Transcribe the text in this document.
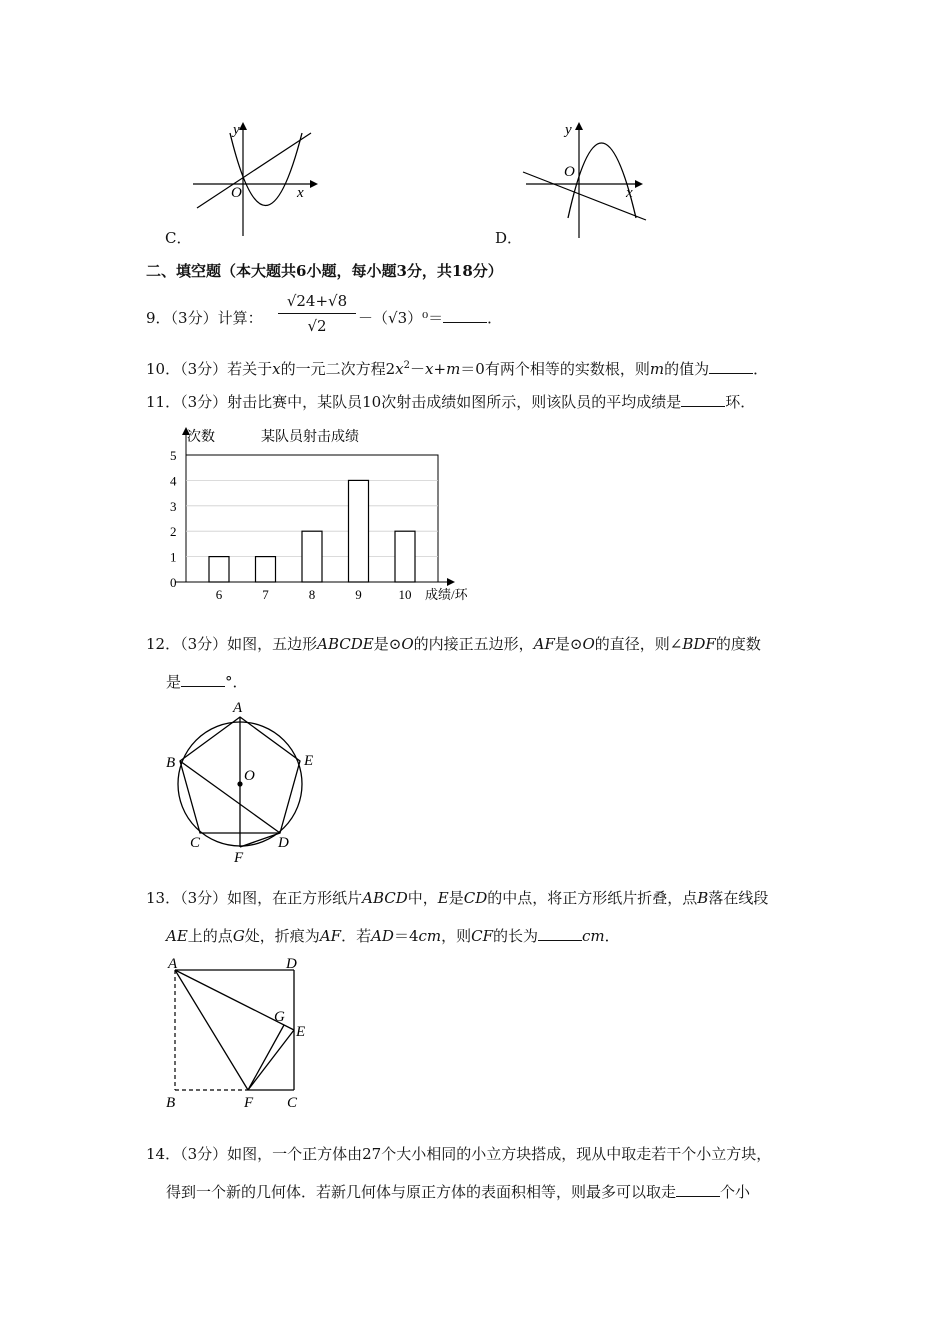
y
x
O
C．
y
x
O
D．
二、填空题（本大题共6小题，每小题3分，共18分）
9．（3分）计算： $\frac{√24+√8}{√2} -(√3)^0=$	．
10．（3分）若关于x的一元二次方程$2x^2-x+m=0$有两个相等的实数根，则m的值为	．
11．（3分）射击比赛中，某队员10次射击成绩如图所示，则该队员的平均成绩是	环．
0
1
2
3
4
5
6	7	8	9	10
次数	某队员射击成绩
成绩/环
12．（3分）如图，五边形ABCDE是⊙O的内接正五边形，AF是⊙O的直径，则∠BDF的度数
是	°．
A
B
C	D
E
F
O
13．（3分）如图，在正方形纸片ABCD中，E是CD的中点，将正方形纸片折叠，点B落在线段
AE上的点G处，折痕为AF．若AD＝4cm，则CF的长为	cm．
A
B	C
D
E
F
G
14．（3分）如图，一个正方体由27个大小相同的小立方块搭成，现从中取走若干个小立方块，
得到一个新的几何体．若新几何体与原正方体的表面积相等，则最多可以取走	个小
